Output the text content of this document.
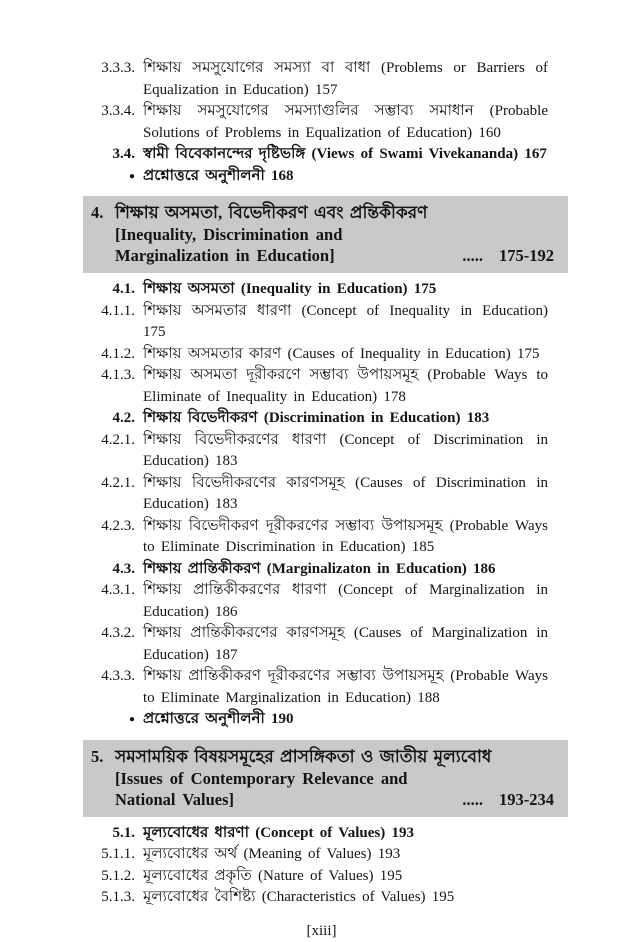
3.3.3. শিক্ষায় সমসুযোগের সমস্যা বা বাধা (Problems or Barriers of Equalization in Education) 157
3.3.4. শিক্ষায় সমসুযোগের সমস্যাগুলির সম্ভাব্য সমাধান (Probable Solutions of Problems in Equalization of Education) 160
3.4. স্বামী বিবেকানন্দের দৃষ্টিভঙ্গি (Views of Swami Vivekananda) 167
● প্রশ্নোত্তরে অনুশীলনী 168
4. শিক্ষায় অসমতা, বিভেদীকরণ এবং প্রন্তিকীকরণ
[Inequality, Discrimination and
Marginalization in Education]	..... 175-192
4.1. শিক্ষায় অসমতা (Inequality in Education) 175
4.1.1. শিক্ষায় অসমতার ধারণা (Concept of Inequality in Education) 175
4.1.2. শিক্ষায় অসমতার কারণ (Causes of Inequality in Education) 175
4.1.3. শিক্ষায় অসমতা দূরীকরণে সম্ভাব্য উপায়সমূহ (Probable Ways to Eliminate of Inequality in Education) 178
4.2. শিক্ষায় বিভেদীকরণ (Discrimination in Education) 183
4.2.1. শিক্ষায় বিভেদীকরণের ধারণা (Concept of Discrimination in Education) 183
4.2.1. শিক্ষায় বিভেদীকরণের কারণসমূহ (Causes of Discrimination in Education) 183
4.2.3. শিক্ষায় বিভেদীকরণ দূরীকরণের সম্ভাব্য উপায়সমূহ (Probable Ways to Eliminate Discrimination in Education) 185
4.3. শিক্ষায় প্রান্তিকীকরণ (Marginalizaton in Education) 186
4.3.1. শিক্ষায় প্রান্তিকীকরণের ধারণা (Concept of Marginalization in Education) 186
4.3.2. শিক্ষায় প্রান্তিকীকরণের কারণসমূহ (Causes of Marginalization in Education) 187
4.3.3. শিক্ষায় প্রান্তিকীকরণ দূরীকরণের সম্ভাব্য উপায়সমূহ (Probable Ways to Eliminate Marginalization in Education) 188
● প্রশ্নোত্তরে অনুশীলনী 190
5. সমসাময়িক বিষয়সমূহের প্রাসঙ্গিকতা ও জাতীয় মূল্যবোধ
[Issues of Contemporary Relevance and
National Values]	..... 193-234
5.1. মূল্যবোধের ধারণা (Concept of Values) 193
5.1.1. মূল্যবোধের অর্থ (Meaning of Values) 193
5.1.2. মূল্যবোধের প্রকৃতি (Nature of Values) 195
5.1.3. মূল্যবোধের বৈশিষ্ট্য (Characteristics of Values) 195
[xiii]
